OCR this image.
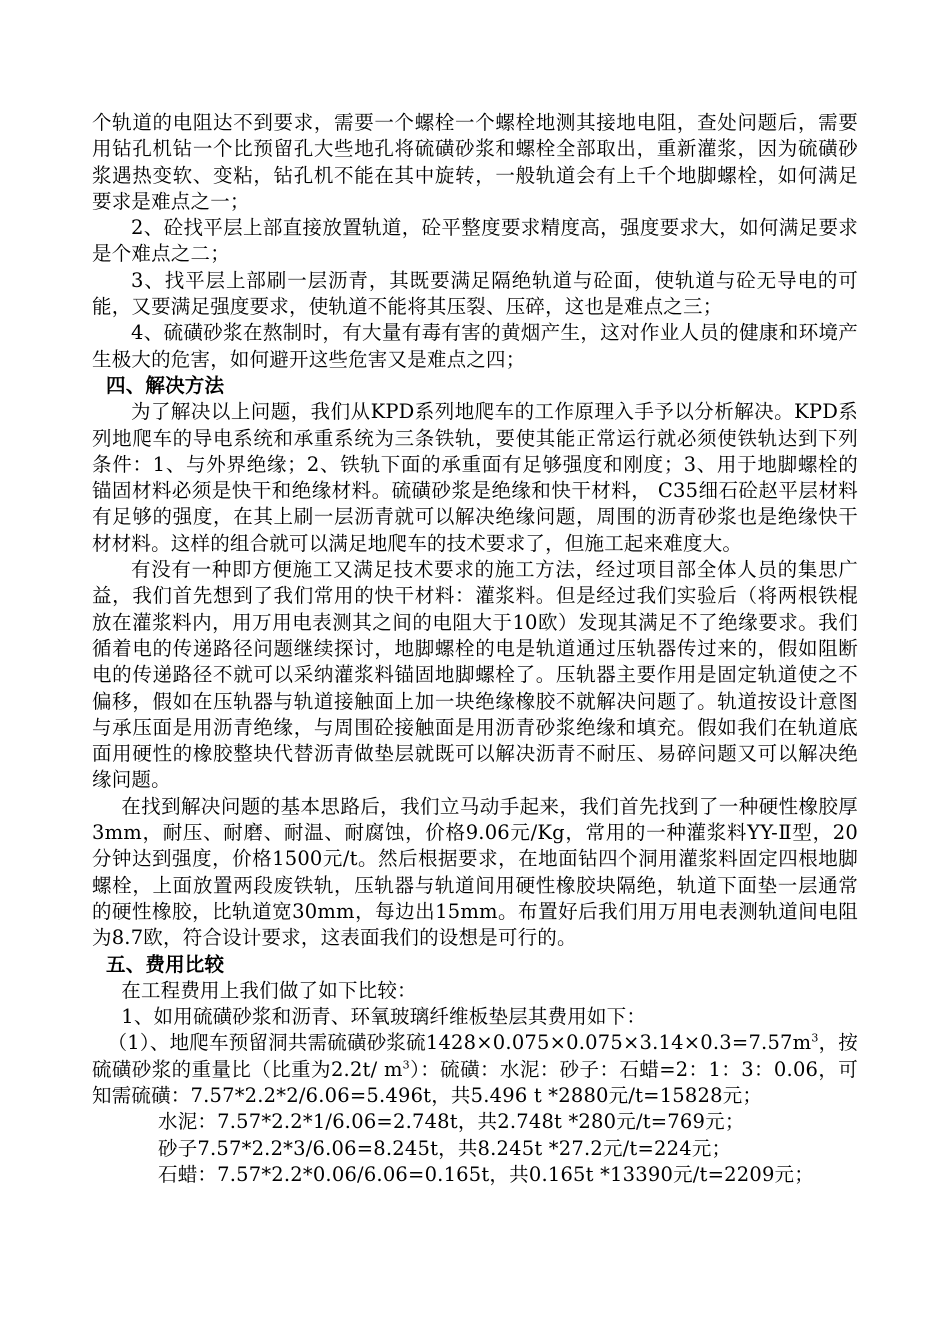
个轨道的电阻达不到要求，需要一个螺栓一个螺栓地测其接地电阻，查处问题后，需要用钻孔机钻一个比预留孔大些地孔将硫磺砂浆和螺栓全部取出，重新灌浆，因为硫磺砂浆遇热变软、变粘，钻孔机不能在其中旋转，一般轨道会有上千个地脚螺栓，如何满足要求是难点之一；

2、砼找平层上部直接放置轨道，砼平整度要求精度高，强度要求大，如何满足要求是个难点之二；

3、找平层上部刷一层沥青，其既要满足隔绝轨道与砼面，使轨道与砼无导电的可能，又要满足强度要求，使轨道不能将其压裂、压碎，这也是难点之三；

4、硫磺砂浆在熬制时，有大量有毒有害的黄烟产生，这对作业人员的健康和环境产生极大的危害，如何避开这些危害又是难点之四；

四、解决方法

为了解决以上问题，我们从KPD系列地爬车的工作原理入手予以分析解决。KPD系列地爬车的导电系统和承重系统为三条铁轨，要使其能正常运行就必须使铁轨达到下列条件：1、与外界绝缘；2、铁轨下面的承重面有足够强度和刚度；3、用于地脚螺栓的锚固材料必须是快干和绝缘材料。硫磺砂浆是绝缘和快干材料， C35细石砼赵平层材料有足够的强度，在其上刷一层沥青就可以解决绝缘问题，周围的沥青砂浆也是绝缘快干材材料。这样的组合就可以满足地爬车的技术要求了，但施工起来难度大。

有没有一种即方便施工又满足技术要求的施工方法，经过项目部全体人员的集思广益，我们首先想到了我们常用的快干材料：灌浆料。但是经过我们实验后（将两根铁棍放在灌浆料内，用万用电表测其之间的电阻大于10欧）发现其满足不了绝缘要求。我们循着电的传递路径问题继续探讨，地脚螺栓的电是轨道通过压轨器传过来的，假如阻断电的传递路径不就可以采纳灌浆料锚固地脚螺栓了。压轨器主要作用是固定轨道使之不偏移，假如在压轨器与轨道接触面上加一块绝缘橡胶不就解决问题了。轨道按设计意图与承压面是用沥青绝缘，与周围砼接触面是用沥青砂浆绝缘和填充。假如我们在轨道底面用硬性的橡胶整块代替沥青做垫层就既可以解决沥青不耐压、易碎问题又可以解决绝缘问题。

在找到解决问题的基本思路后，我们立马动手起来，我们首先找到了一种硬性橡胶厚3mm，耐压、耐磨、耐温、耐腐蚀，价格9.06元/Kg，常用的一种灌浆料YY-Ⅱ型，20分钟达到强度，价格1500元/t。然后根据要求，在地面钻四个洞用灌浆料固定四根地脚螺栓，上面放置两段废铁轨，压轨器与轨道间用硬性橡胶块隔绝，轨道下面垫一层通常的硬性橡胶，比轨道宽30mm，每边出15mm。布置好后我们用万用电表测轨道间电阻为8.7欧，符合设计要求，这表面我们的设想是可行的。

五、费用比较

在工程费用上我们做了如下比较：

1、如用硫磺砂浆和沥青、环氧玻璃纤维板垫层其费用如下：

（1）、地爬车预留洞共需硫磺砂浆硫$1428\times 0.075\times 0.075\times 3.14\times 0.3=7.57m^3$，按硫磺砂浆的重量比（比重为2.2t/ $m^3$）：硫磺：水泥：砂子：石蜡=2：1：3：0.06，可知需硫磺：7.57*2.2*2/6.06=5.496t，共5.496 t *2880元/t=15828元；

水泥：7.57*2.2*1/6.06=2.748t，共2.748t *280元/t=769元；

砂子7.57*2.2*3/6.06=8.245t，共8.245t *27.2元/t=224元；

石蜡：7.57*2.2*0.06/6.06=0.165t，共0.165t *13390元/t=2209元；
